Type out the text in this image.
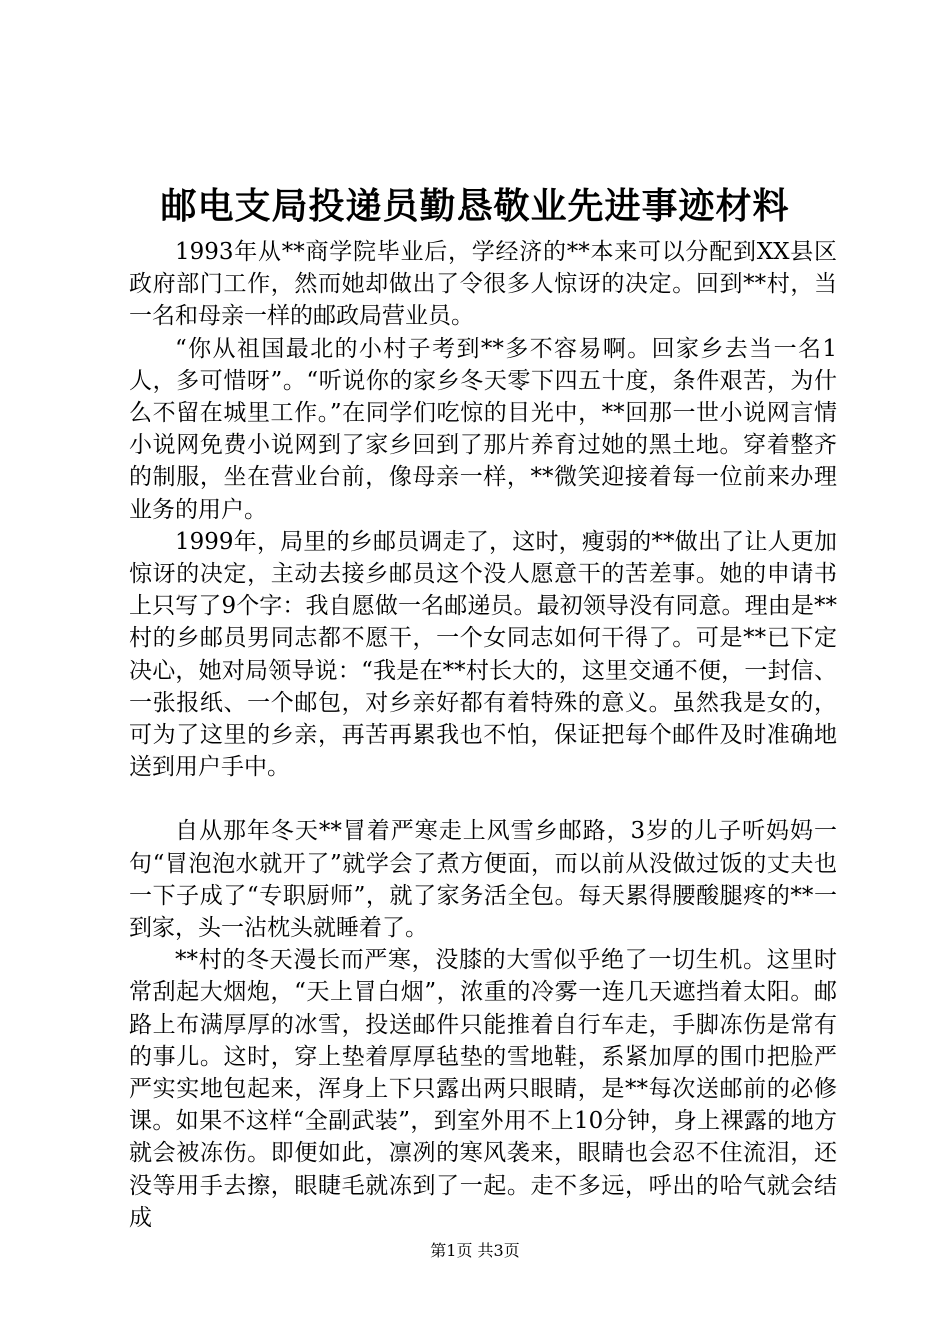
邮电支局投递员勤恳敬业先进事迹材料

1993年从**商学院毕业后，学经济的**本来可以分配到XX县区政府部门工作，然而她却做出了令很多人惊讶的决定。回到**村，当一名和母亲一样的邮政局营业员。

“你从祖国最北的小村子考到**多不容易啊。回家乡去当一名1人，多可惜呀”。“听说你的家乡冬天零下四五十度，条件艰苦，为什么不留在城里工作。”在同学们吃惊的目光中，**回那一世小说网言情小说网免费小说网到了家乡回到了那片养育过她的黑土地。穿着整齐的制服，坐在营业台前，像母亲一样，**微笑迎接着每一位前来办理业务的用户。

1999年，局里的乡邮员调走了，这时，瘦弱的**做出了让人更加惊讶的决定，主动去接乡邮员这个没人愿意干的苦差事。她的申请书上只写了9个字：我自愿做一名邮递员。最初领导没有同意。理由是**村的乡邮员男同志都不愿干，一个女同志如何干得了。可是**已下定决心，她对局领导说：“我是在**村长大的，这里交通不便，一封信、一张报纸、一个邮包，对乡亲好都有着特殊的意义。虽然我是女的，可为了这里的乡亲，再苦再累我也不怕，保证把每个邮件及时准确地送到用户手中。

自从那年冬天**冒着严寒走上风雪乡邮路，3岁的儿子听妈妈一句“冒泡泡水就开了”就学会了煮方便面，而以前从没做过饭的丈夫也一下子成了“专职厨师”，就了家务活全包。每天累得腰酸腿疼的**一到家，头一沾枕头就睡着了。

**村的冬天漫长而严寒，没膝的大雪似乎绝了一切生机。这里时常刮起大烟炮，“天上冒白烟”，浓重的冷雾一连几天遮挡着太阳。邮路上布满厚厚的冰雪，投送邮件只能推着自行车走，手脚冻伤是常有的事儿。这时，穿上垫着厚厚毡垫的雪地鞋，系紧加厚的围巾把脸严严实实地包起来，浑身上下只露出两只眼睛，是**每次送邮前的必修课。如果不这样“全副武装”，到室外用不上10分钟，身上裸露的地方就会被冻伤。即便如此，凛冽的寒风袭来，眼睛也会忍不住流泪，还没等用手去擦，眼睫毛就冻到了一起。走不多远，呼出的哈气就会结成

第1页 共3页
